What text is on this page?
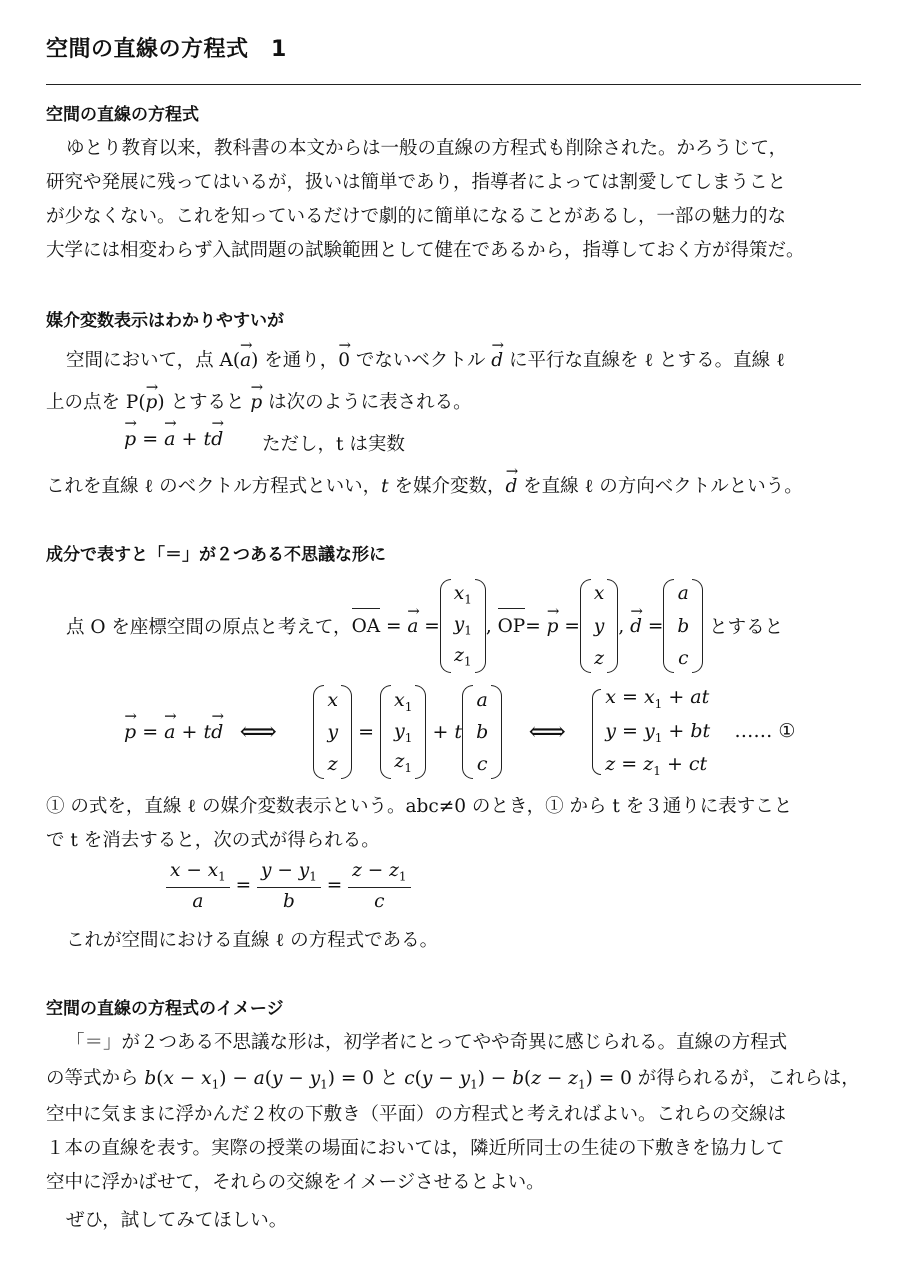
空間の直線の方程式　1
空間の直線の方程式
ゆとり教育以来，教科書の本文からは一般の直線の方程式も削除された。かろうじて，
研究や発展に残ってはいるが，扱いは簡単であり，指導者によっては割愛してしまうこと
が少なくない。これを知っているだけで劇的に簡単になることがあるし，一部の魅力的な
大学には相変わらず入試問題の試験範囲として健在であるから，指導しておく方が得策だ。
媒介変数表示はわかりやすいが
空間において，点 A(→ a) を通り，→ 0 でないベクトル → d に平行な直線を ℓ とする。直線 ℓ
上の点を P(→ p) とすると → p は次のように表される。
→ p = → a + t→ d ただし，t は実数
これを直線 ℓ のベクトル方程式といい，t を媒介変数，→ d を直線 ℓ の方向ベクトルという。
成分で表すと「＝」が２つある不思議な形に
点 O を座標空間の原点と考えて， OA = → a =
$x_1$
$y_1$
$z_1$
, OP = → p =
x
y
z
, → d =
a
b
c

とすると
→ p = → a + t → d ⟺
x
y
z
=
$x_1$
$y_1$
$z_1$
+ t
a
b
c
⟺
$x = x_1$ + at
$y = y_1$ + bt    …… ①
$z = z_1$ + ct
① の式を，直線 ℓ の媒介変数表示という。abc≠0 のとき，① から t を３通りに表すこと
で t を消去すると，次の式が得られる。
$\frac{x - x_1}{a} = \frac{y - y_1}{b} = \frac{z - z_1}{c}$
これが空間における直線 ℓ の方程式である。
空間の直線の方程式のイメージ
「＝」が２つある不思議な形は，初学者にとってやや奇異に感じられる。直線の方程式
の等式から $b(x - x_1) - a(y - y_1) = 0$ と $c(y - y_1) - b(z - z_1) = 0$ が得られるが，これらは，
空中に気ままに浮かんだ２枚の下敷き（平面）の方程式と考えればよい。これらの交線は
１本の直線を表す。実際の授業の場面においては，隣近所同士の生徒の下敷きを協力して
空中に浮かばせて，それらの交線をイメージさせるとよい。
ぜひ，試してみてほしい。
